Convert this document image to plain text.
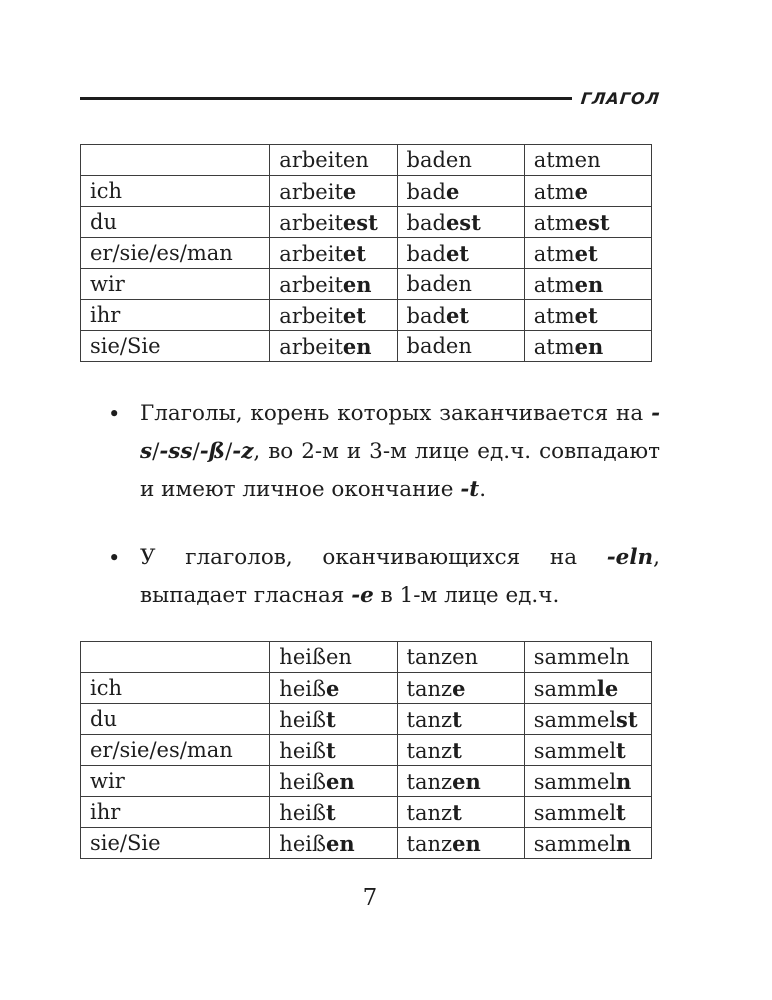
ГЛАГОЛ
	arbeiten	baden	atmen
ich	arbeite	bade	atme
du	arbeitest	badest	atmest
er/sie/es/man	arbeitet	badet	atmet
wir	arbeiten	baden	atmen
ihr	arbeitet	badet	atmet
sie/Sie	arbeiten	baden	atmen
• Глаголы, корень которых заканчивается на -s/-ss/-ß/-z, во 2-м и 3-м лице ед.ч. совпадают и имеют личное окончание -t.
• У глаголов, оканчивающихся на -eln, выпадает гласная -e в 1-м лице ед.ч.
	heißen	tanzen	sammeln
ich	heiße	tanze	sammle
du	heißt	tanzt	sammelst
er/sie/es/man	heißt	tanzt	sammelt
wir	heißen	tanzen	sammeln
ihr	heißt	tanzt	sammelt
sie/Sie	heißen	tanzen	sammeln
7
